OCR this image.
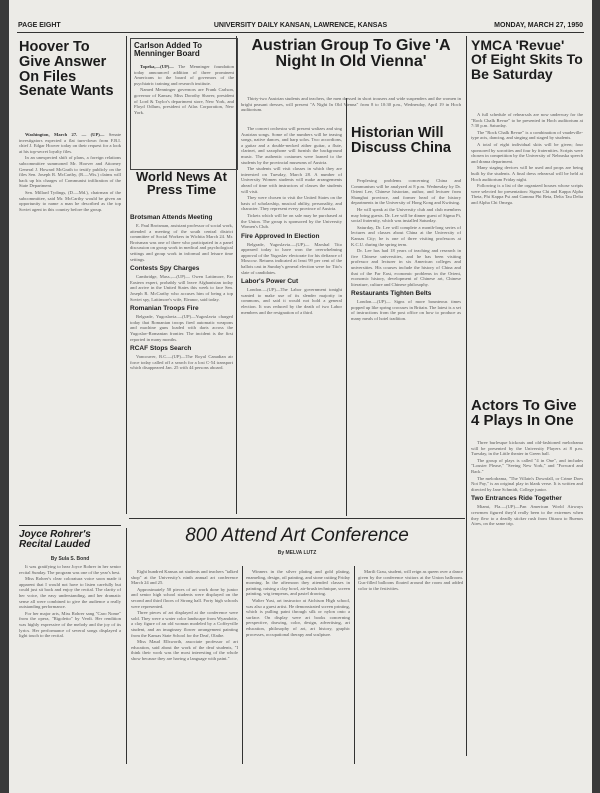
PAGE EIGHT	UNIVERSITY DAILY KANSAN, LAWRENCE, KANSAS	MONDAY, MARCH 27, 1950
Hoover To Give Answer On Files Senate Wants

Washington, March 27. — (UP)— Senate investigators expected a flat turn-down from F.B.I. chief J. Edgar Hoover today on their request for a look at his top-secret loyalty files.

In an unexpected shift of plans, a foreign relations subcommittee summoned Mr. Hoover and Attorney General J. Howard McGrath to testify publicly on the files Sen. Joseph R. McCarthy, (R.—Wis.) claims will back up his charges of Communist infiltration of the State Department.

Sen. Millard Tydings, (D.—Md.), chairman of the subcommittee, said Mr. McCarthy would be given an opportunity to name a man he described as the top Soviet agent in this country before the group.

Carlson Added To Menninger Board

Topeka,—(UP)— The Menninger foundation today announced addition of three prominent Americans to the board of governors of the psychiatric training and research institute.

Named Menninger governors are Frank Carlson, governor of Kansas; Miss Dorothy Shaver, president of Lord & Taylor's department store, New York, and Floyd Odlum, president of Atlas Corporation, New York.

World News At Press Time
Brotsman Attends Meeting

E. Paul Brotsman, assistant professor of social work, attended a meeting of the south central district committee of Social Workers in Wichita March 24. Mr. Brotsman was one of three who participated in a panel discussion on group work in medical and psychological settings and group work in informal and leisure time settings.

Contests Spy Charges

Cambridge, Mass.,—(UP)— Owen Lattimore, Far Eastern expert, probably will leave Afghanistan today and arrive in the United States this week to face Sen. Joseph R. McCarthy who accuses him of being a top Soviet spy, Lattimore's wife, Eleanor, said today.

Romanian Troops Fire

Belgrade, Yugoslavia.—(UP)—Yugoslavia charged today that Romanian troops fired automatic weapons and machine guns loaded with darts across the Yugoslav-Romanian frontier. The incident is the first reported in many months.

RCAF Stops Search

Vancouver, B.C.—(UP)—The Royal Canadian air force today called off a search for a lost C-54 transport which disappeared Jan. 25 with 44 persons aboard.

Austrian Group To Give 'A Night In Old Vienna'

Thirty-two Austrian students and teachers, the men dressed in short trousers and wide suspenders and the women in bright peasant dresses, will present "A Night In Old Vienna" from 8 to 10:30 p.m., Wednesday, April 19 in Hoch auditorium.

The concert orchestra will present waltzes and sing Austrian songs. Some of the numbers will be teasing songs, native dances, and harp solos. Two accordions, a guitar and a double-necked zither guitar, a flute, clarinet, and saxophone will furnish the background music. The authentic costumes were loaned to the students by the provincial museums of Austria.

The students will visit classes in which they are interested on Tuesday, March 28. A number of University Women students will make arrangements ahead of time with instructors of classes the students will visit.

They were chosen to visit the United States on the basis of scholarship, musical ability, personality, and character. They represent every province of Austria.

Tickets which will be on sale may be purchased at the Union. The group is sponsored by the University Women's Club.

Fire Approved In Election

Belgrade, Yugoslavia.—(UP)— Marshal Tito appeared today to have won the overwhelming approval of the Yugoslav electorate for his defiance of Moscow. Returns indicated at least 99 per cent of the ballots cast in Sunday's general election were for Tito's slate of candidates.

Labor's Power Cut

London.—(UP)—The Labor government tonight wanted to make use of its slender majority in commons, and said it would not hold a general election. It was reduced by the death of two Labor members and the resignation of a third.

Historian Will Discuss China

Perplexing problems concerning China and Communism will be analyzed at 8 p.m. Wednesday by Dr. Orient Lee, Chinese historian, author, and lecturer from Shanghai province, and former head of the history departments in the University of Hong Kong and Kwitsing.

He will speak at the University club and club members may bring guests. Dr. Lee will be dinner guest of Sigma Pi, social fraternity, which was installed Saturday.

Saturday, Dr. Lee will complete a month-long series of lectures and classes about China at the University of Kansas City; he is one of three visiting professors at K.C.U. during the spring term.

Dr. Lee has had 18 years of teaching and research in five Chinese universities, and he has been visiting professor and lecturer in six American colleges and universities. His courses include the history of China and that of the Far East, economic problems in the Orient, economic history, development of Chinese art, Chinese literature, culture and Chinese philosophy.

Restaurants Tighten Belts

London.—(UP)— Signs of more bounteous times popped up like spring crocuses in Britain. The latest is a set of instructions from the post office on how to produce as many meals of hotel tradition.

YMCA 'Revue' Of Eight Skits To Be Saturday

A full schedule of rehearsals are now underway for the "Rock Chalk Revue" to be presented in Hoch auditorium at 7:30 p.m. Saturday.

The "Rock Chalk Revue" is a combination of vaudeville-type acts, dancing, and singing and staged by students.

A total of eight individual skits will be given; four sponsored by sororities and four by fraternities. Scripts were chosen in competition by the University of Nebraska speech and drama department.

Many staging devices will be used and props are being built by the students. A final dress rehearsal will be held at Hoch auditorium Friday night.

Following is a list of the organized houses whose scripts were selected for presentation: Sigma Chi and Kappa Alpha Theta, Phi Kappa Psi and Gamma Phi Beta, Delta Tau Delta and Alpha Chi Omega.

Actors To Give 4 Plays In One

Three burlesque kickouts and old-fashioned melodrama will be presented by the University Players at 8 p.m. Tuesday, in the Little theater in Green hall.

The group of plays is called "4 in One", and includes "Lousier Please," "Seeing New York," and "Forward and Back."

The melodrama, "The Villain's Downfall, or Crime Does Not Pay," is an original play in blank verse. It is written and directed by Jane Schmidt, College junior.

Two Entrances Ride Together

Miami, Fla.—(UP)—Pan American World Airways crewmen figured they'd really been to the extremes when they flew to a deadly sticker rush from Ottawa to Buenos Aires, on the same trip.

Joyce Rohrer's Recital Lauded
By Sula S. Bond

It was gratifying to hear Joyce Rohrer in her senior recital Sunday. The program was one of the year's best.

Miss Rohrer's clear coloratura voice soon made it apparent that I would not have to listen carefully but could just sit back and enjoy the recital. The clarity of her voice, the easy understanding, and her dramatic sense all were combined to give the audience a really outstanding performance.

For her major arts, Miss Rohrer sang "Caro Nome" from the opera, "Rigoletto" by Verdi. Her rendition was highly expressive of the melody and the joy of its lyrics. Her performance of several songs displayed a light touch to the recital.

800 Attend Art Conference
By MELVA LUTZ

Eight hundred Kansas art students and teachers "talked shop" at the University's ninth annual art conference March 24 and 25.

Approximately 50 pieces of art work done by junior and senior high school students were displayed on the second and third floors of Strong hall. Forty high schools were represented.

Three pieces of art displayed at the conference were sold. They were a water color landscape from Wyandotte, a clay figure of an old woman modeled by a Coffeyville student, and an imaginary flower arrangement painting from the Kansas State School for the Deaf, Olathe.

Miss Maud Ellsworth, associate professor of art education, said about the work of the deaf students, "I think their work was the most interesting of the whole show because they are having a language with paint."

Winners in the silver plating and gold plating, enameling, design, oil painting, and stone cutting Friday morning. In the afternoon they attended classes in painting, raising a clay bowl, air-brush technique, screen painting, wig temperas, and pastel drawing.

Walter Yust, art instructor at Atchison High school, was also a guest artist. He demonstrated screen printing, which is pulling paint through silk or nylon onto a surface. On display were art books concerning perspective, drawing, color, design, advertising, art education, philosophy of art, art history, graphic processes, occupational therapy and sculpture.

Marili Grau, student, will reign as queen over a dance given by the conference visitors at the Union ballroom. Gus-filled balloons floated around the room and added color to the festivities.
